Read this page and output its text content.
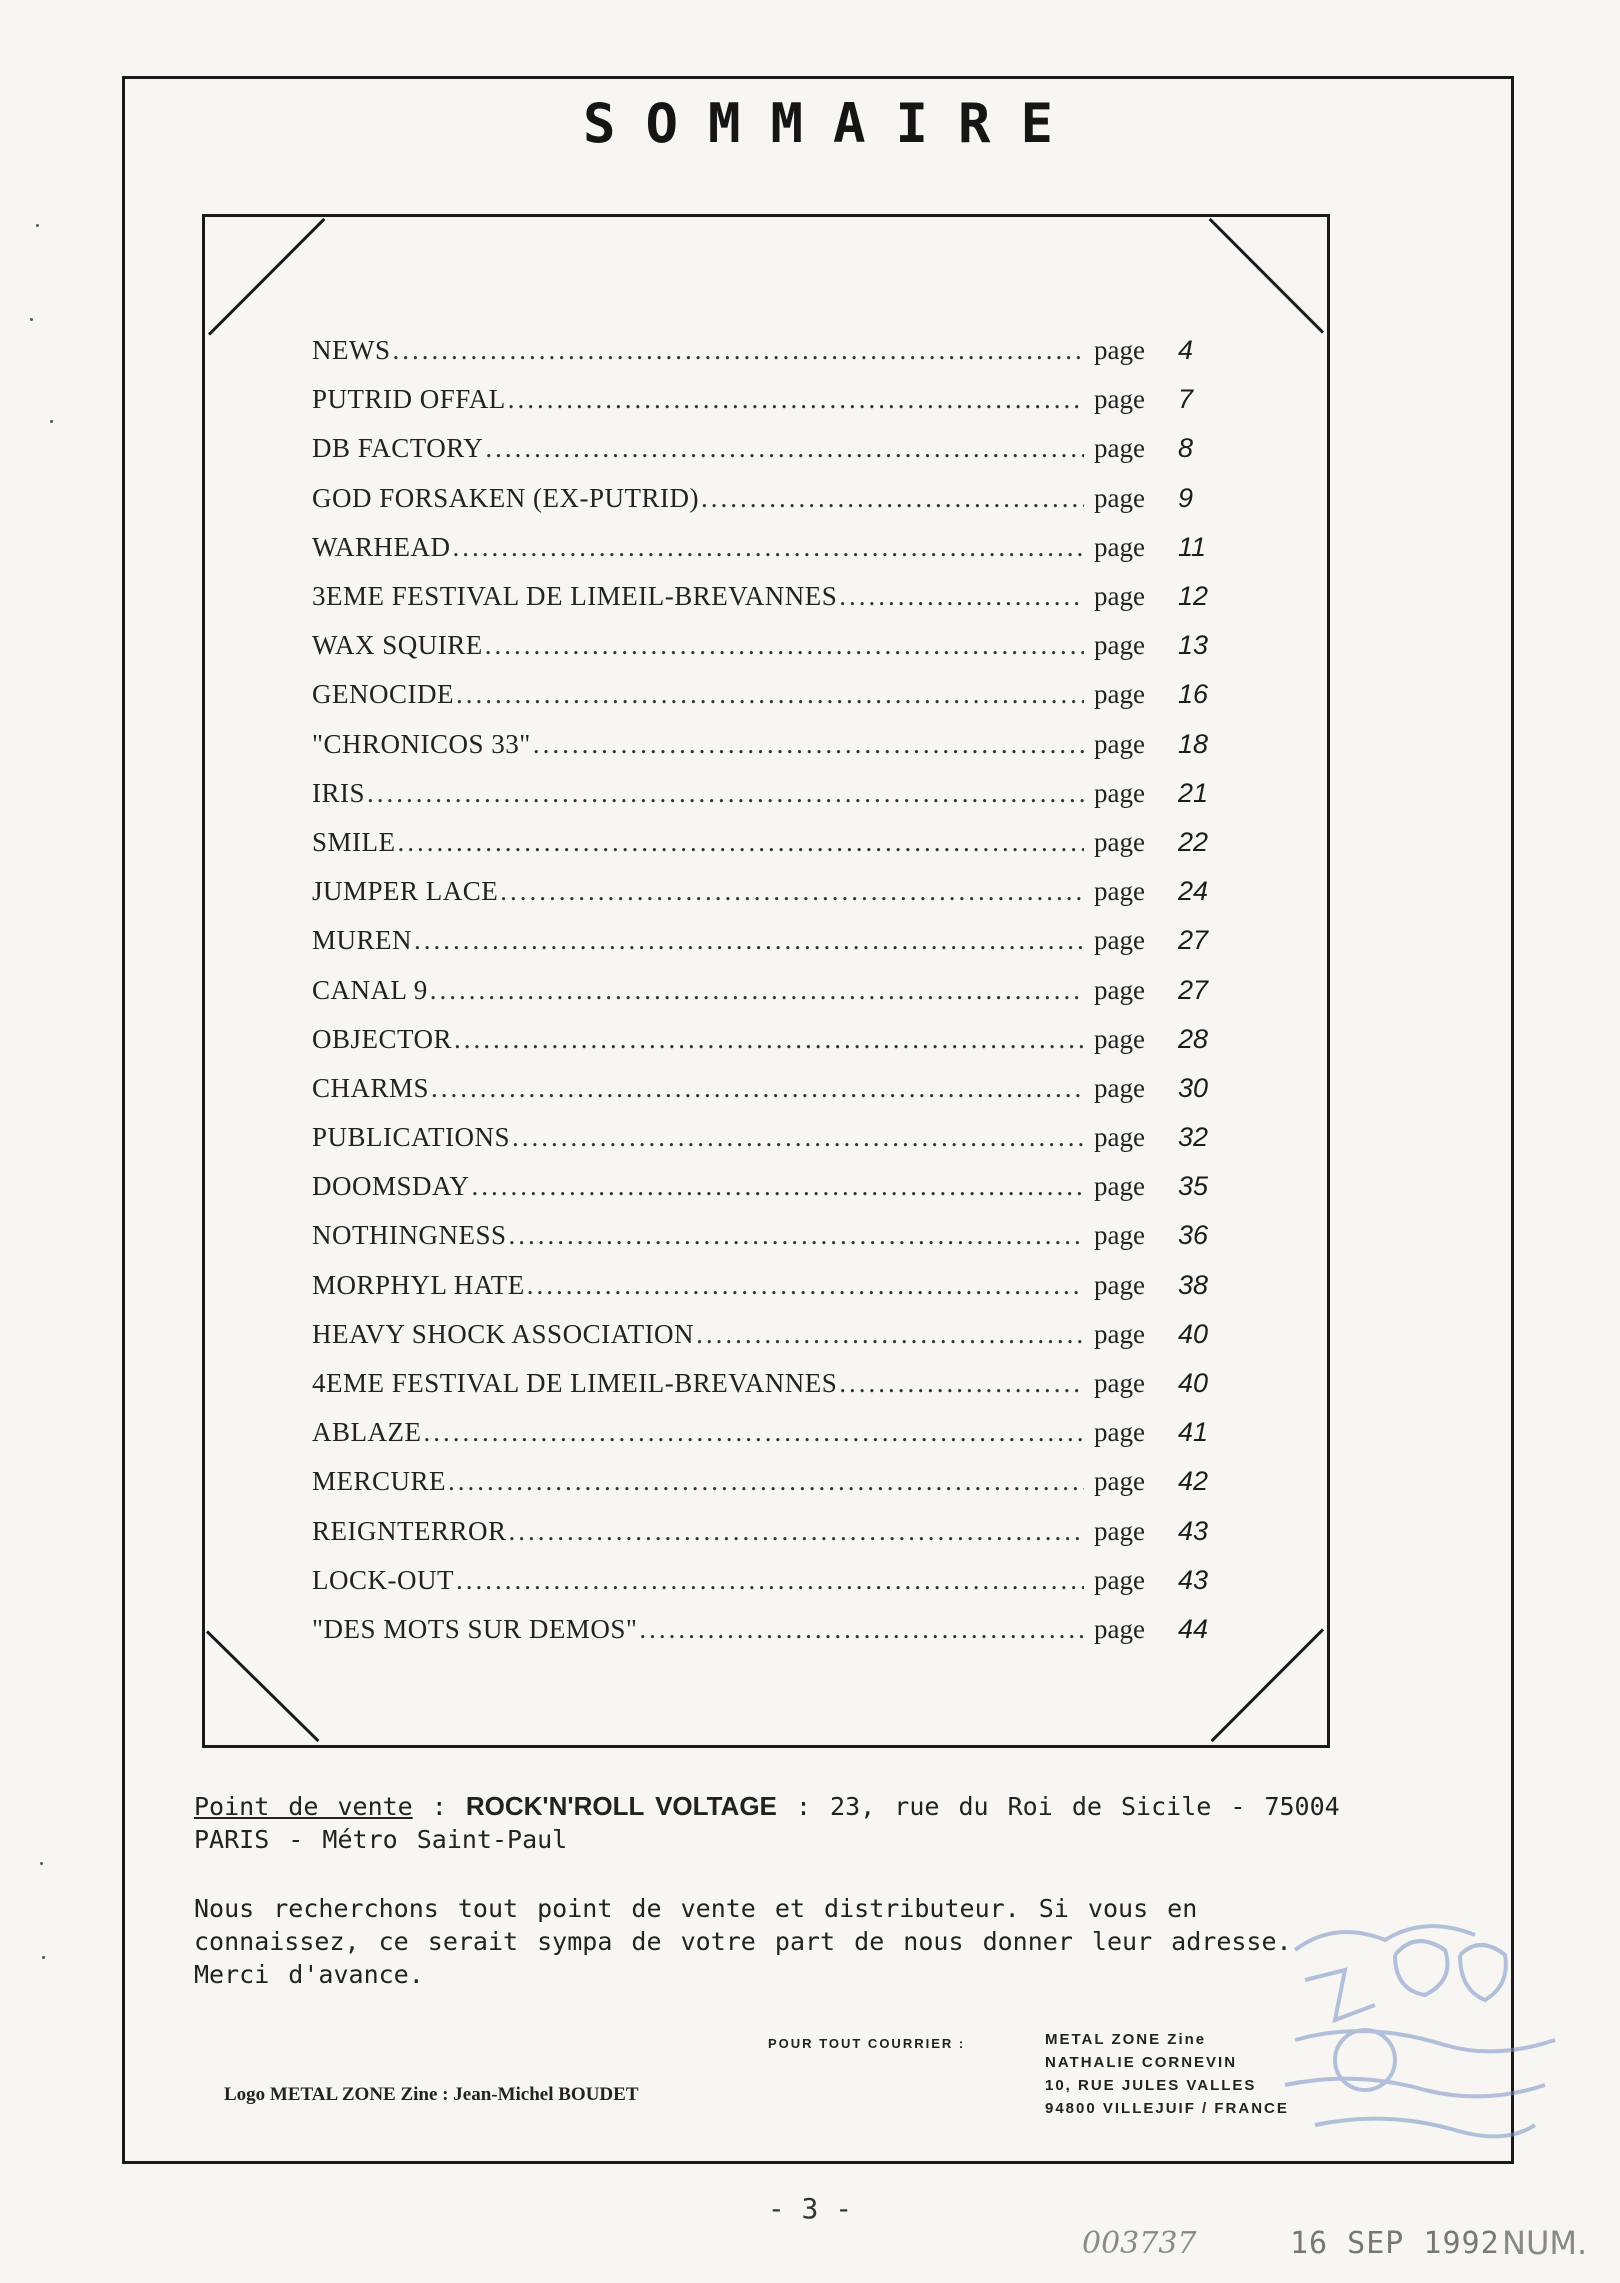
SOMMAIRE
NEWS .....	page	4
PUTRID OFFAL .....	page	7
DB FACTORY .....	page	8
GOD FORSAKEN (EX-PUTRID) .....	page	9
WARHEAD .....	page	11
3EME FESTIVAL DE LIMEIL-BREVANNES .....	page	12
WAX SQUIRE .....	page	13
GENOCIDE .....	page	16
"CHRONICOS 33" .....	page	18
IRIS .....	page	21
SMILE .....	page	22
JUMPER LACE .....	page	24
MUREN .....	page	27
CANAL 9 .....	page	27
OBJECTOR .....	page	28
CHARMS .....	page	30
PUBLICATIONS .....	page	32
DOOMSDAY .....	page	35
NOTHINGNESS .....	page	36
MORPHYL HATE .....	page	38
HEAVY SHOCK ASSOCIATION .....	page	40
4EME FESTIVAL DE LIMEIL-BREVANNES .....	page	40
ABLAZE .....	page	41
MERCURE .....	page	42
REIGNTERROR .....	page	43
LOCK-OUT .....	page	43
"DES MOTS SUR DEMOS" .....	page	44
Point de vente : ROCK'N'ROLL VOLTAGE : 23, rue du Roi de Sicile - 75004 PARIS - Métro Saint-Paul
Nous recherchons tout point de vente et distributeur. Si vous en connaissez, ce serait sympa de votre part de nous donner leur adresse. Merci d'avance.
Logo METAL ZONE Zine : Jean-Michel BOUDET
POUR TOUT COURRIER :	METAL ZONE Zine
NATHALIE CORNEVIN
10, RUE JULES VALLES
94800 VILLEJUIF / FRANCE
- 3 -
003737	16 SEP 1992 NUM.
